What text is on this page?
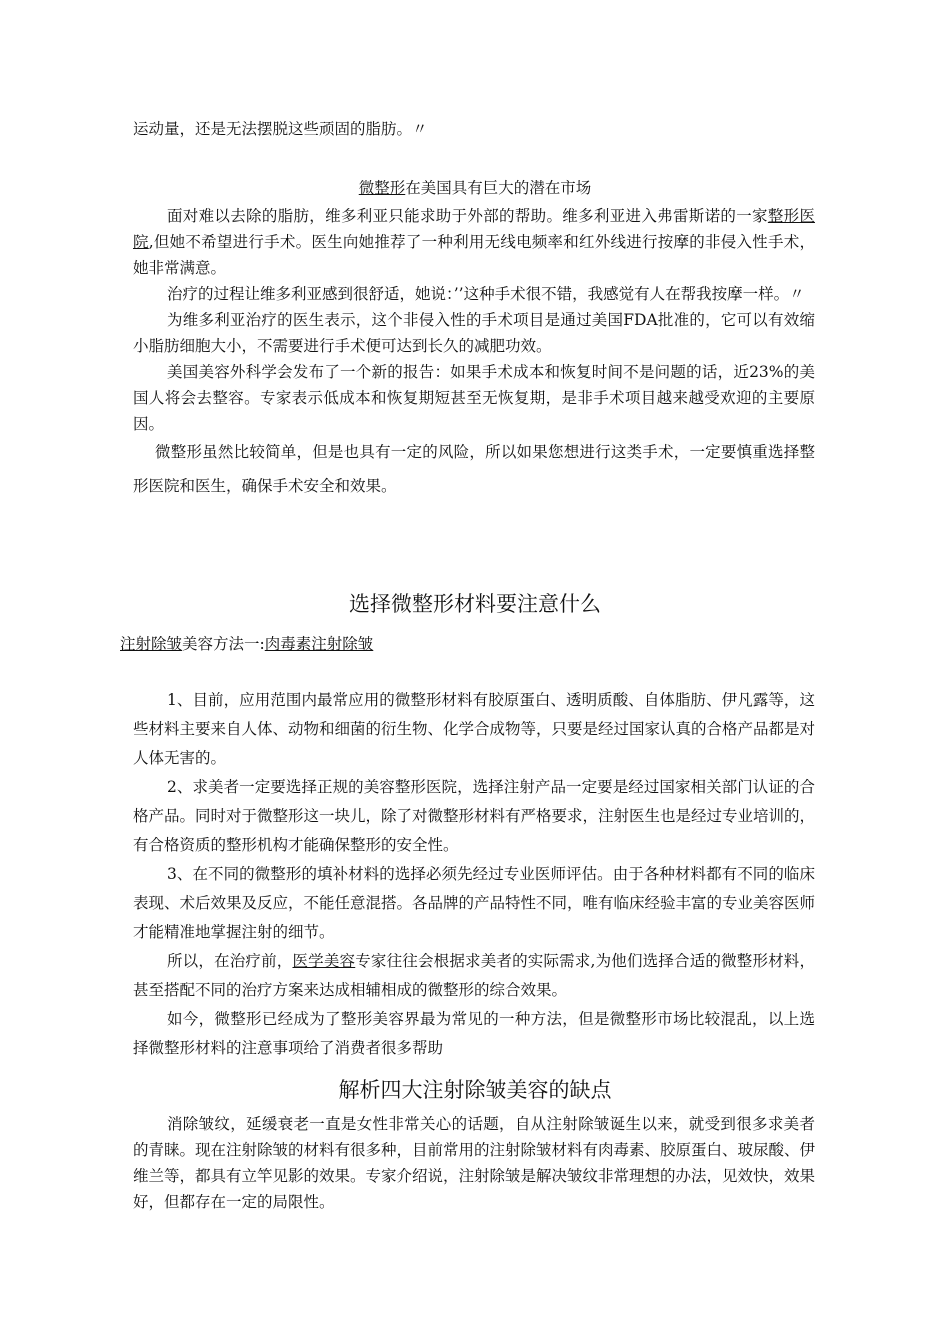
运动量，还是无法摆脱这些顽固的脂肪。〃

微整形在美国具有巨大的潜在市场

面对难以去除的脂肪，维多利亚只能求助于外部的帮助。维多利亚进入弗雷斯诺的一家整形医院,但她不希望进行手术。医生向她推荐了一种利用无线电频率和红外线进行按摩的非侵入性手术，她非常满意。

治疗的过程让维多利亚感到很舒适，她说：’’这种手术很不错，我感觉有人在帮我按摩一样。〃

为维多利亚治疗的医生表示，这个非侵入性的手术项目是通过美国FDA批准的，它可以有效缩小脂肪细胞大小，不需要进行手术便可达到长久的减肥功效。

美国美容外科学会发布了一个新的报告：如果手术成本和恢复时间不是问题的话，近23%的美国人将会去整容。专家表示低成本和恢复期短甚至无恢复期，是非手术项目越来越受欢迎的主要原因。

微整形虽然比较简单，但是也具有一定的风险，所以如果您想进行这类手术，一定要慎重选择整形医院和医生，确保手术安全和效果。

选择微整形材料要注意什么
注射除皱美容方法一:肉毒素注射除皱

1、目前，应用范围内最常应用的微整形材料有胶原蛋白、透明质酸、自体脂肪、伊凡露等，这些材料主要来自人体、动物和细菌的衍生物、化学合成物等，只要是经过国家认真的合格产品都是对人体无害的。

2、求美者一定要选择正规的美容整形医院，选择注射产品一定要是经过国家相关部门认证的合格产品。同时对于微整形这一块儿，除了对微整形材料有严格要求，注射医生也是经过专业培训的，有合格资质的整形机构才能确保整形的安全性。

3、在不同的微整形的填补材料的选择必须先经过专业医师评估。由于各种材料都有不同的临床表现、术后效果及反应，不能任意混搭。各品牌的产品特性不同，唯有临床经验丰富的专业美容医师才能精准地掌握注射的细节。

所以，在治疗前，医学美容专家往往会根据求美者的实际需求,为他们选择合适的微整形材料，甚至搭配不同的治疗方案来达成相辅相成的微整形的综合效果。

如今，微整形已经成为了整形美容界最为常见的一种方法，但是微整形市场比较混乱，以上选择微整形材料的注意事项给了消费者很多帮助

解析四大注射除皱美容的缺点

消除皱纹，延缓衰老一直是女性非常关心的话题，自从注射除皱诞生以来，就受到很多求美者的青睐。现在注射除皱的材料有很多种，目前常用的注射除皱材料有肉毒素、胶原蛋白、玻尿酸、伊维兰等，都具有立竿见影的效果。专家介绍说，注射除皱是解决皱纹非常理想的办法，见效快，效果好，但都存在一定的局限性。
